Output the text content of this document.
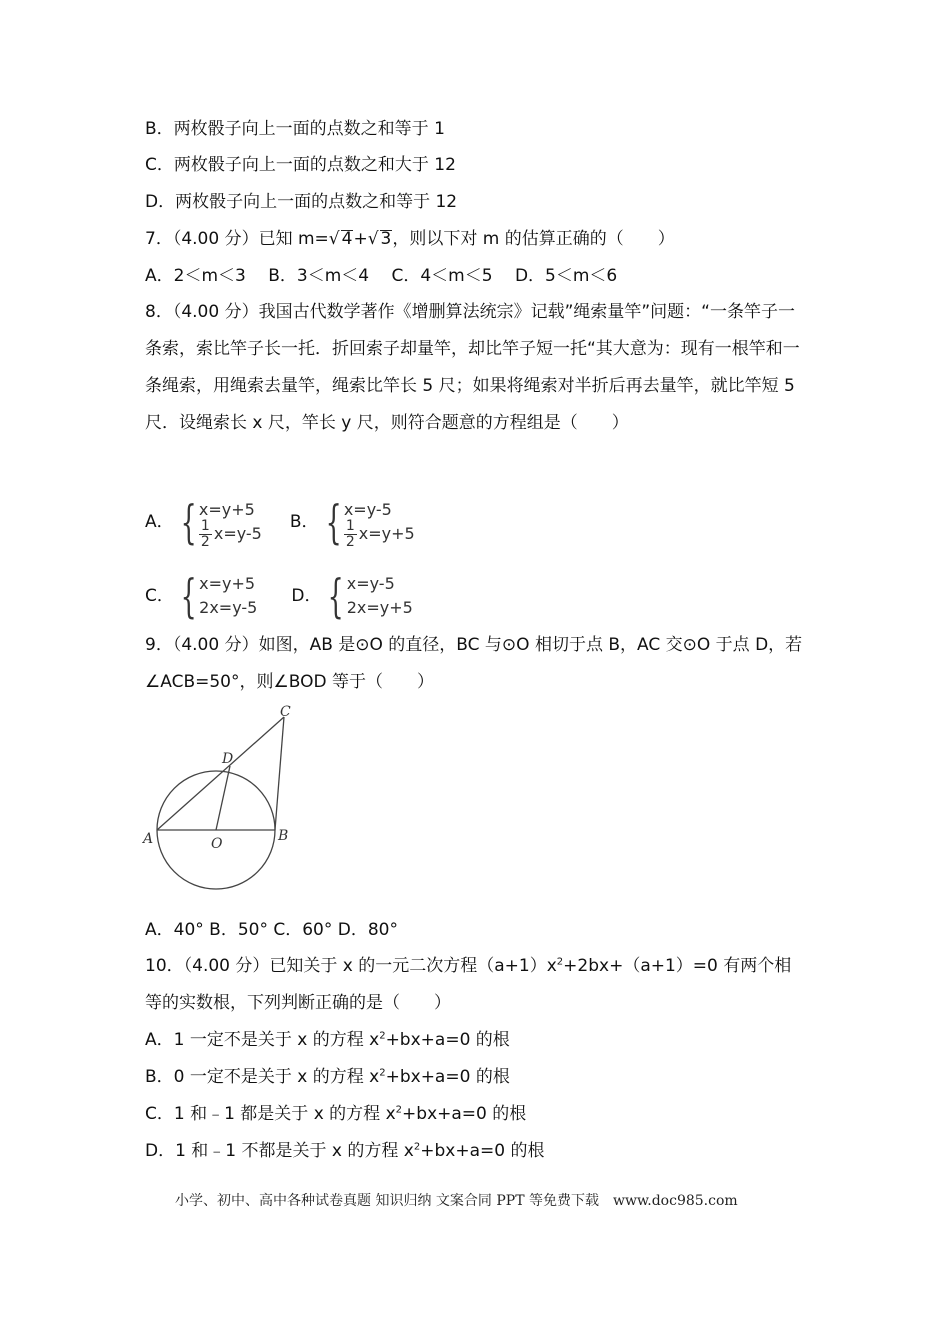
B．两枚骰子向上一面的点数之和等于 1
C．两枚骰子向上一面的点数之和大于 12
D．两枚骰子向上一面的点数之和等于 12
7．（4.00 分）已知 m=√ 4+√ 3，则以下对 m 的估算正确的（　　）
A．2＜m＜3　 B．3＜m＜4　 C．4＜m＜5　 D．5＜m＜6
8．（4.00 分）我国古代数学著作《增删算法统宗》记载”绳索量竿”问题：“一条竿子一条索，索比竿子长一托．折回索子却量竿，却比竿子短一托“其大意为：现有一根竿和一条绳索，用绳索去量竿，绳索比竿长 5 尺；如果将绳索对半折后再去量竿，就比竿短 5 尺．设绳索长 x 尺，竿长 y 尺，则符合题意的方程组是（　　）
A． { x=y+5
$\frac{1}{2} x=y-5$
B． { x=y-5
$\frac{1}{2} x=y+5$
C． { x=y+5
2x=y-5
D． { x=y-5
2x=y+5
9．（4.00 分）如图，AB 是⊙O 的直径，BC 与⊙O 相切于点 B，AC 交⊙O 于点 D，若∠ACB=50°，则∠BOD 等于（　　）
A	B
C
D
O
A．40° B．50° C．60° D．80°
10．（4.00 分）已知关于 x 的一元二次方程$(a+1)x^2+2bx+(a+1)=0$ 有两个相等的实数根，下列判断正确的是（　　）
A．1 一定不是关于 x 的方程 $x^2+bx+a=0$ 的根
B．0 一定不是关于 x 的方程 $x^2+bx+a=0$ 的根
C．1 和﹣1 都是关于 x 的方程 $x^2+bx+a=0$ 的根
D．1 和﹣1 不都是关于 x 的方程 $x^2+bx+a=0$ 的根
小学、初中、高中各种试卷真题 知识归纳 文案合同 PPT 等免费下载　www.doc985.com
